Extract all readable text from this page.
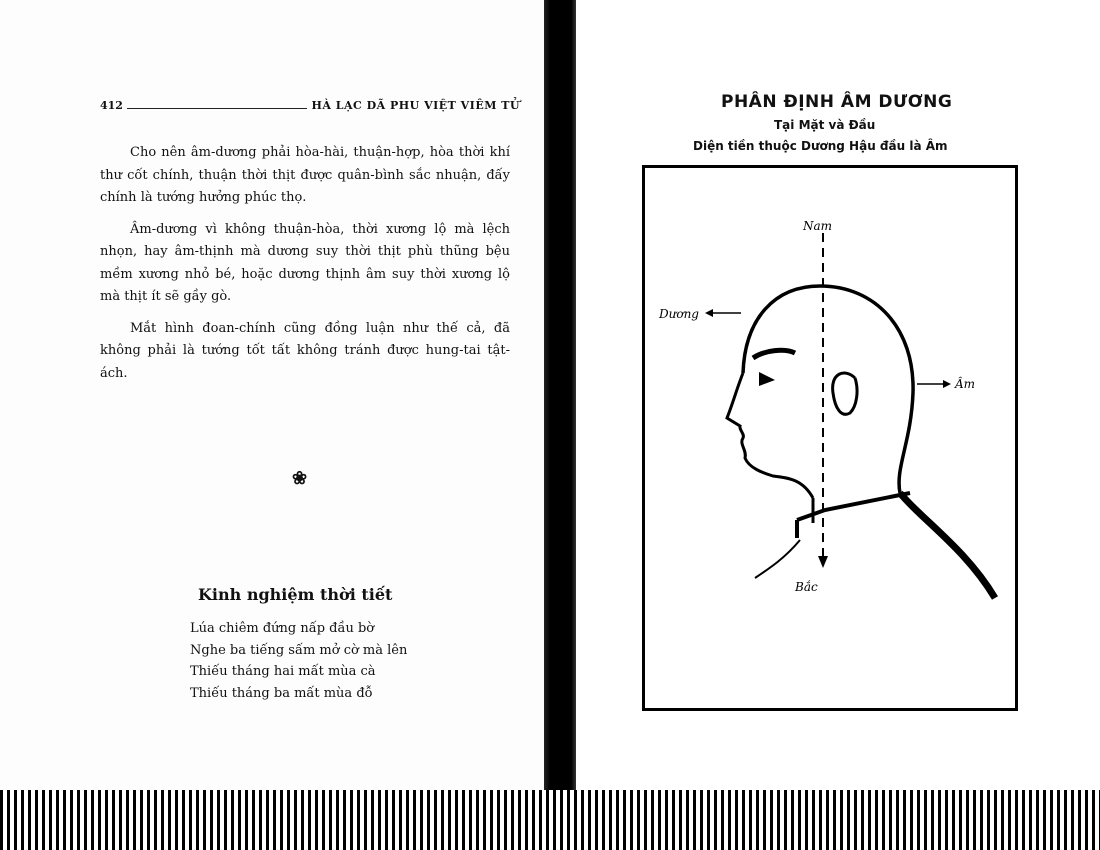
412	HÀ LẠC DÃ PHU VIỆT VIÊM TỬ

Cho nên âm-dương phải hòa-hài, thuận-hợp, hòa thời khí thư cốt chính, thuận thời thịt được quân-bình sắc nhuận, đấy chính là tướng hưởng phúc thọ.

Âm-dương vì không thuận-hòa, thời xương lộ mà lệch nhọn, hay âm-thịnh mà dương suy thời thịt phù thũng bệu mềm xương nhỏ bé, hoặc dương thịnh âm suy thời xương lộ mà thịt ít sẽ gầy gò.

Mắt hình đoan-chính cũng đồng luận như thế cả, đã không phải là tướng tốt tất không tránh được hung-tai tật-ách.

❀
Kinh nghiệm thời tiết
Lúa chiêm đứng nấp đầu bờ
Nghe ba tiếng sấm mở cờ mà lên
Thiếu tháng hai mất mùa cà
Thiếu tháng ba mất mùa đỗ
PHÂN ĐỊNH ÂM DƯƠNG
Tại Mặt và Đầu
Diện tiền thuộc Dương Hậu đầu là Âm
Nam
Bắc
Dương
Âm
